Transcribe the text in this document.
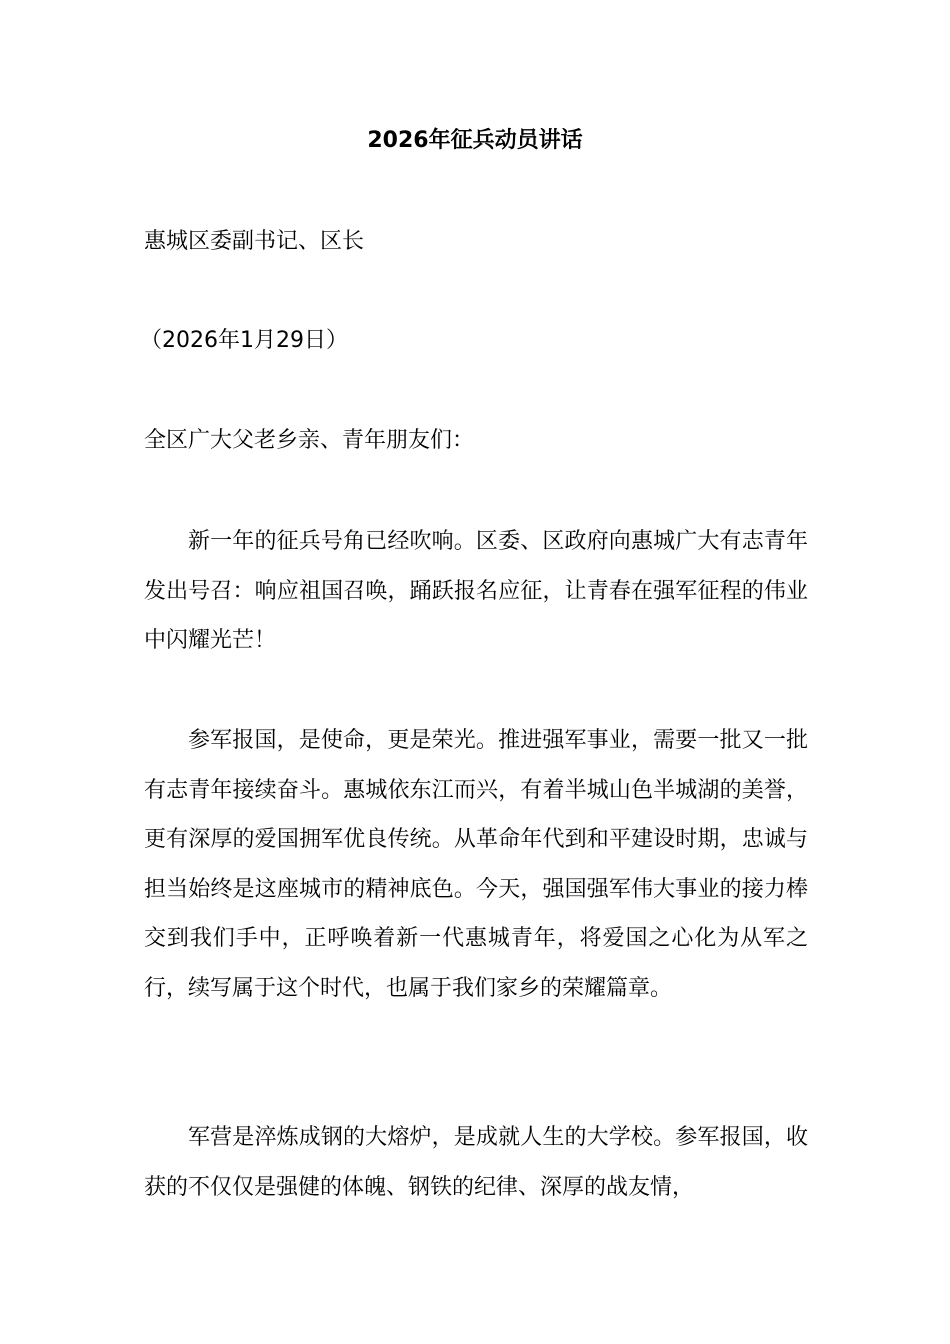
2026年征兵动员讲话

惠城区委副书记、区长

（2026年1月29日）

全区广大父老乡亲、青年朋友们：

新一年的征兵号角已经吹响。区委、区政府向惠城广大有志青年发出号召：响应祖国召唤，踊跃报名应征，让青春在强军征程的伟业中闪耀光芒！

参军报国，是使命，更是荣光。推进强军事业，需要一批又一批有志青年接续奋斗。惠城依东江而兴，有着半城山色半城湖的美誉，更有深厚的爱国拥军优良传统。从革命年代到和平建设时期，忠诚与担当始终是这座城市的精神底色。今天，强国强军伟大事业的接力棒交到我们手中，正呼唤着新一代惠城青年，将爱国之心化为从军之行，续写属于这个时代，也属于我们家乡的荣耀篇章。

军营是淬炼成钢的大熔炉，是成就人生的大学校。参军报国，收获的不仅仅是强健的体魄、钢铁的纪律、深厚的战友情，
